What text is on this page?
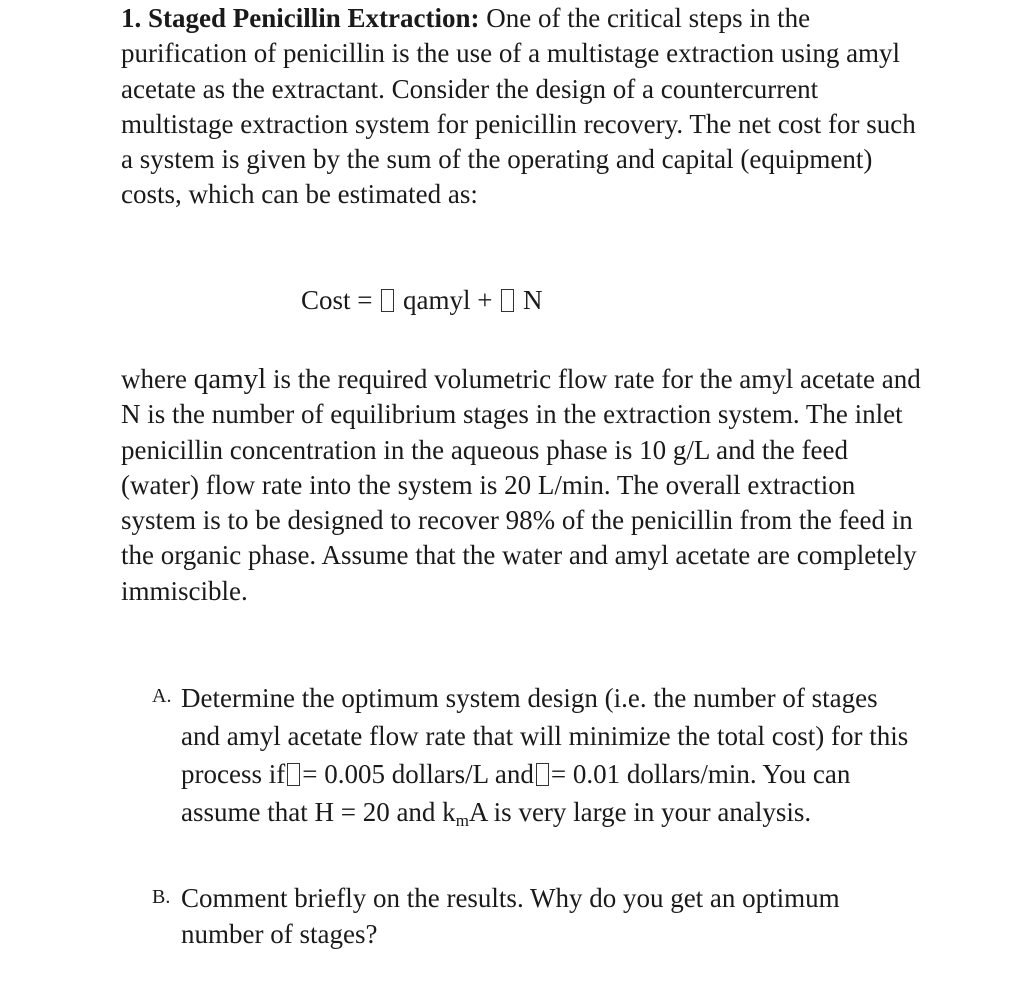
1. Staged Penicillin Extraction: One of the critical steps in the purification of penicillin is the use of a multistage extraction using amyl acetate as the extractant. Consider the design of a countercurrent multistage extraction system for penicillin recovery. The net cost for such a system is given by the sum of the operating and capital (equipment) costs, which can be estimated as:

Cost = qamyl + N

where qamyl is the required volumetric flow rate for the amyl acetate and N is the number of equilibrium stages in the extraction system. The inlet penicillin concentration in the aqueous phase is 10 g/L and the feed (water) flow rate into the system is 20 L/min. The overall extraction system is to be designed to recover 98% of the penicillin from the feed in the organic phase. Assume that the water and amyl acetate are completely immiscible.

A. Determine the optimum system design (i.e. the number of stages and amyl acetate flow rate that will minimize the total cost) for this process if = 0.005 dollars/L and = 0.01 dollars/min. You can assume that H = 20 and $k_mA$ is very large in your analysis.

B. Comment briefly on the results. Why do you get an optimum number of stages?
